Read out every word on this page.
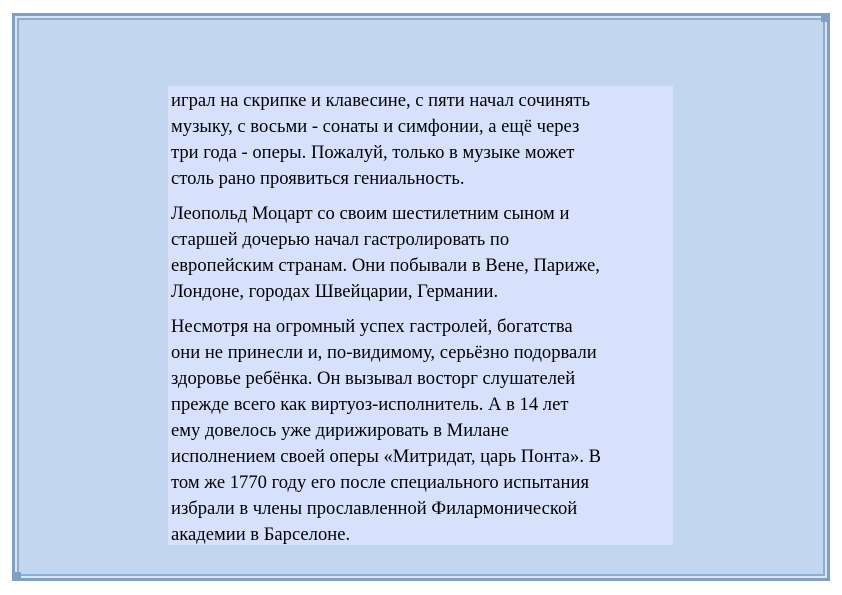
играл на скрипке и клавесине, с пяти начал сочинять
музыку, с восьми - сонаты и симфонии, а ещё через
три года - оперы. Пожалуй, только в музыке может
столь рано проявиться гениальность.

Леопольд Моцарт со своим шестилетним сыном и
старшей дочерью начал гастролировать по
европейским странам. Они побывали в Вене, Париже,
Лондоне, городах Швейцарии, Германии.

Несмотря на огромный успех гастролей, богатства
они не принесли и, по-видимому, серьёзно подорвали
здоровье ребёнка. Он вызывал восторг слушателей
прежде всего как виртуоз-исполнитель. А в 14 лет
ему довелось уже дирижировать в Милане
исполнением своей оперы «Митридат, царь Понта». В
том же 1770 году его после специального испытания
избрали в члены прославленной Филармонической
академии в Барселоне.
